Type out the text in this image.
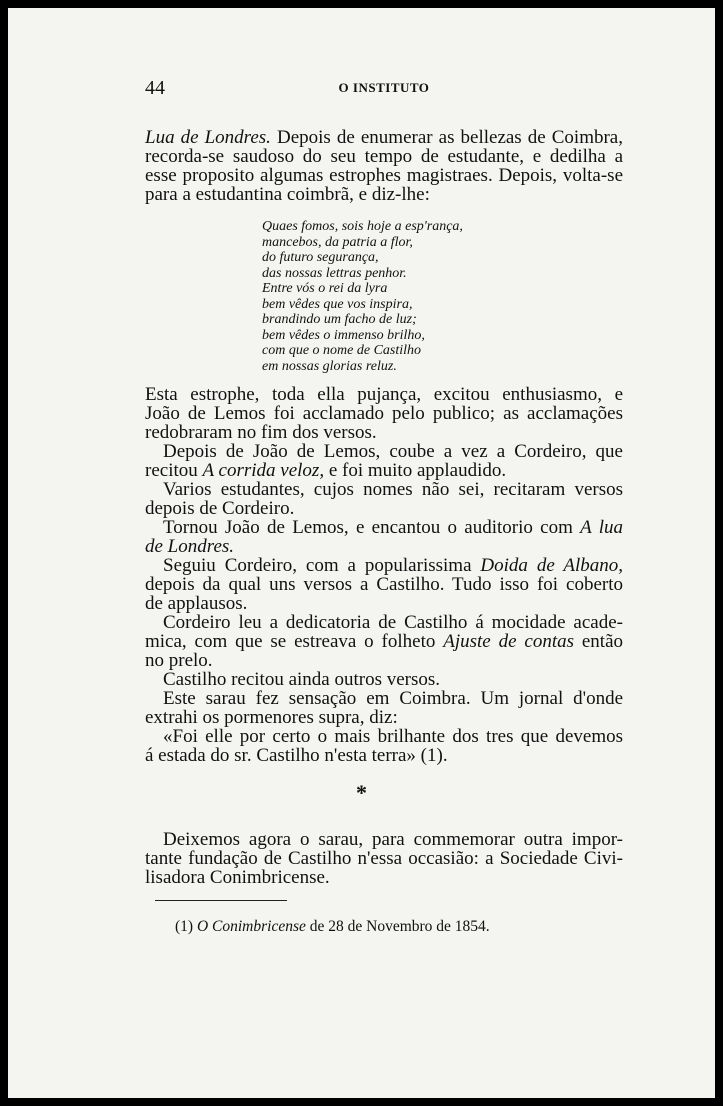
44	O INSTITUTO
Lua de Londres. Depois de enumerar as bellezas de Coimbra,
recorda-se saudoso do seu tempo de estudante, e dedilha a
esse proposito algumas estrophes magistraes. Depois, volta-se
para a estudantina coimbrã, e diz-lhe:
Quaes fomos, sois hoje a esp'rança,
mancebos, da patria a flor,
do futuro segurança,
das nossas lettras penhor.
Entre vós o rei da lyra
bem vêdes que vos inspira,
brandindo um facho de luz;
bem vêdes o immenso brilho,
com que o nome de Castilho
em nossas glorias reluz.
Esta estrophe, toda ella pujança, excitou enthusiasmo, e
João de Lemos foi acclamado pelo publico; as acclamações
redobraram no fim dos versos.
Depois de João de Lemos, coube a vez a Cordeiro, que
recitou A corrida veloz, e foi muito applaudido.
Varios estudantes, cujos nomes não sei, recitaram versos
depois de Cordeiro.
Tornou João de Lemos, e encantou o auditorio com A lua
de Londres.
Seguiu Cordeiro, com a popularissima Doida de Albano,
depois da qual uns versos a Castilho. Tudo isso foi coberto
de applausos.
Cordeiro leu a dedicatoria de Castilho á mocidade acade-
mica, com que se estreava o folheto Ajuste de contas então
no prelo.
Castilho recitou ainda outros versos.
Este sarau fez sensação em Coimbra. Um jornal d'onde
extrahi os pormenores supra, diz:
«Foi elle por certo o mais brilhante dos tres que devemos
á estada do sr. Castilho n'esta terra» (1).
*
Deixemos agora o sarau, para commemorar outra impor-
tante fundação de Castilho n'essa occasião: a Sociedade Civi-
lisadora Conimbricense.
(1) O Conimbricense de 28 de Novembro de 1854.
